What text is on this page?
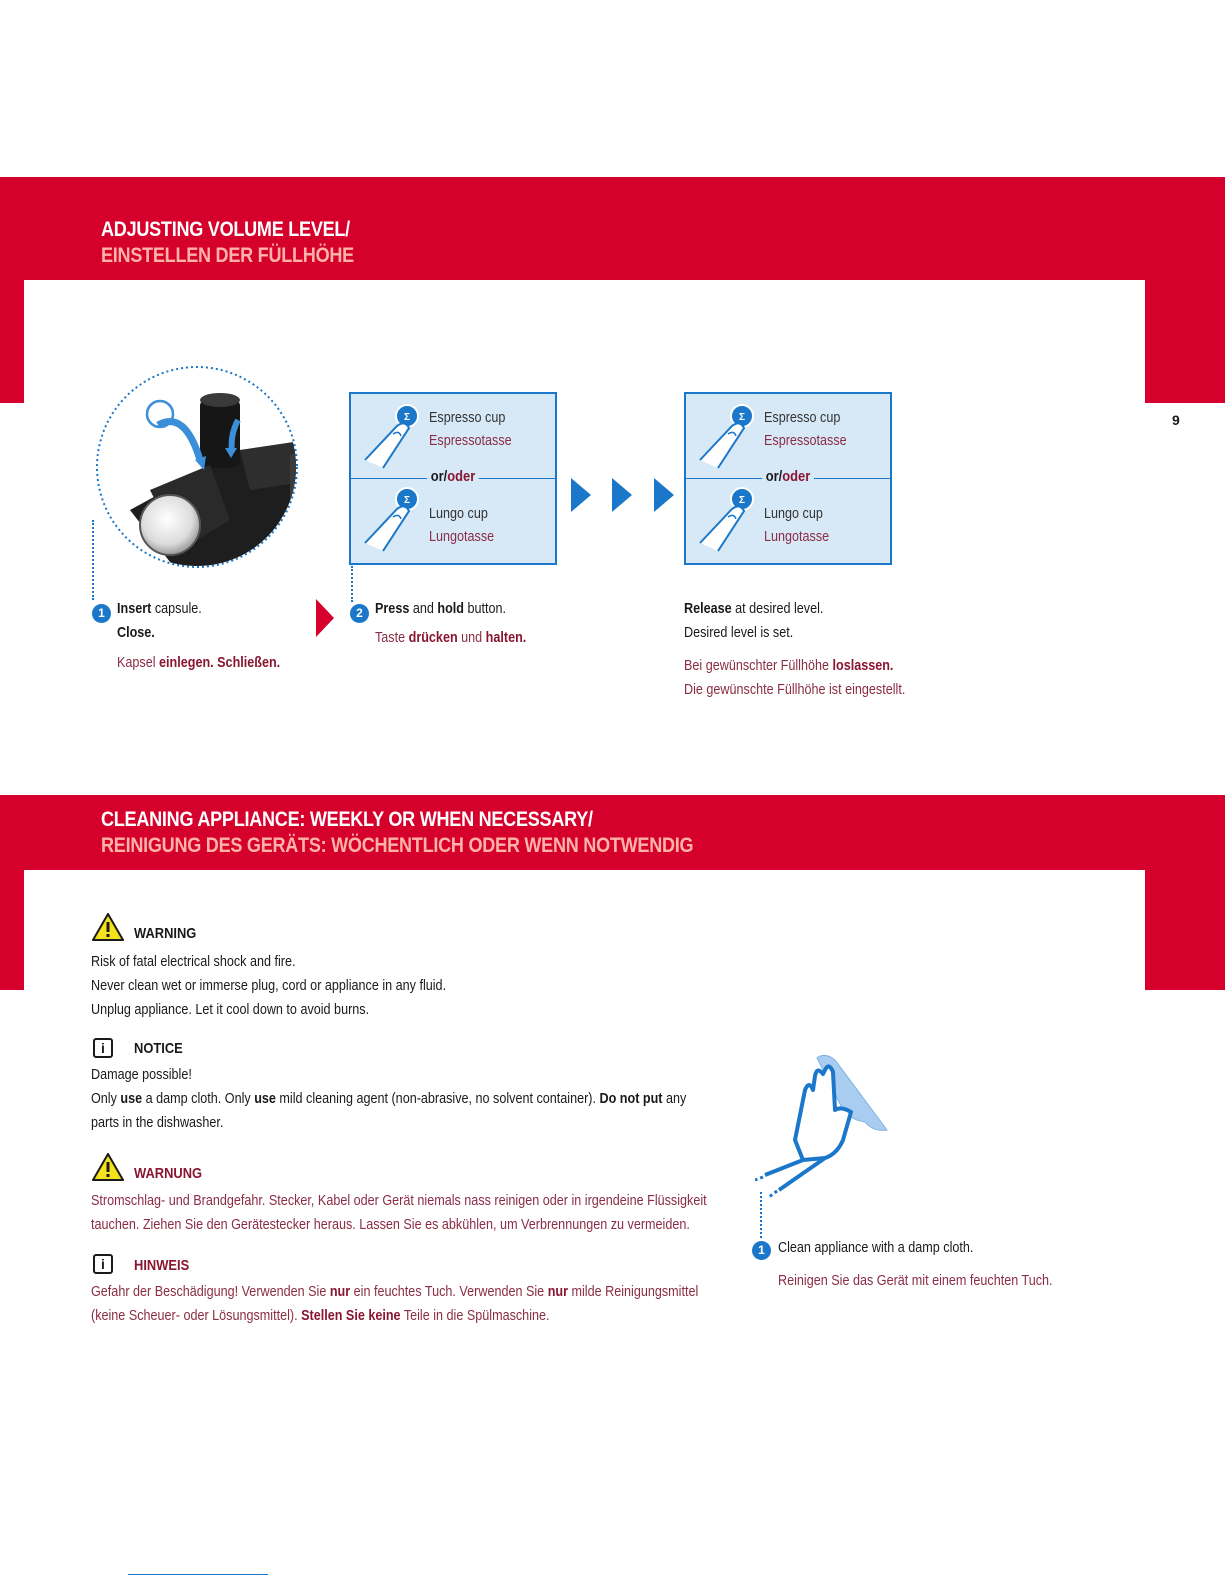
ADJUSTING VOLUME LEVEL/
EINSTELLEN DER FÜLLHÖHE
9
1 Insert capsule.
Close.
Kapsel einlegen. Schließen.
Σ Espresso cup
Espressotasse
or/oder
Σ
Lungo cup
Lungotasse
2 Press and hold button.
Taste drücken und halten.
Σ Espresso cup
Espressotasse
or/oder
Σ
Lungo cup
Lungotasse
Release at desired level.
Desired level is set.
Bei gewünschter Füllhöhe loslassen.
Die gewünschte Füllhöhe ist eingestellt.
CLEANING APPLIANCE: WEEKLY OR WHEN NECESSARY/
REINIGUNG DES GERÄTS: WÖCHENTLICH ODER WENN NOTWENDIG
WARNING
Risk of fatal electrical shock and fire.
Never clean wet or immerse plug, cord or appliance in any fluid.
Unplug appliance. Let it cool down to avoid burns.
i	NOTICE
Damage possible!
Only use a damp cloth. Only use mild cleaning agent (non-abrasive, no solvent container). Do not put any
parts in the dishwasher.
WARNUNG
Stromschlag- und Brandgefahr. Stecker, Kabel oder Gerät niemals nass reinigen oder in irgendeine Flüssigkeit
tauchen. Ziehen Sie den Gerätestecker heraus. Lassen Sie es abkühlen, um Verbrennungen zu vermeiden.
i	HINWEIS
Gefahr der Beschädigung! Verwenden Sie nur ein feuchtes Tuch. Verwenden Sie nur milde Reinigungsmittel
(keine Scheuer- oder Lösungsmittel). Stellen Sie keine Teile in die Spülmaschine.
1 Clean appliance with a damp cloth.
Reinigen Sie das Gerät mit einem feuchten Tuch.
